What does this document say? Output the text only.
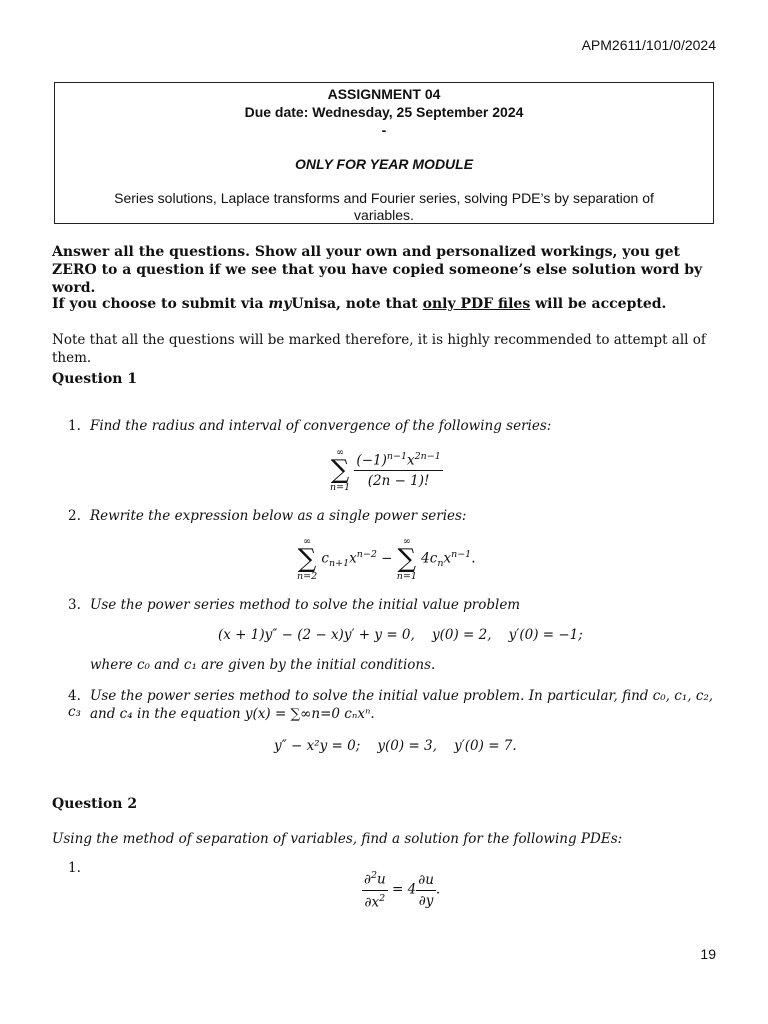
APM2611/101/0/2024
ASSIGNMENT 04
Due date: Wednesday, 25 September 2024
-
ONLY FOR YEAR MODULE
Series solutions, Laplace transforms and Fourier series, solving PDE’s by separation of variables.
Answer all the questions. Show all your own and personalized workings, you get ZERO to a question if we see that you have copied someone’s else solution word by word.
If you choose to submit via myUnisa, note that only PDF files will be accepted.
Note that all the questions will be marked therefore, it is highly recommended to attempt all of them.
Question 1
1. Find the radius and interval of convergence of the following series:
∞
∑
n=1
$\frac{(-1)^{n-1}x^{2n-1}}{(2n - 1)!}$
2. Rewrite the expression below as a single power series:
∞
∑
n=2
$c_{n+1}x^{n-2}$ −
∞
∑
n=1
$4c_nx^{n-1}$.
3. Use the power series method to solve the initial value problem
(x + 1)y″ − (2 − x)y′ + y = 0,    y(0) = 2,    y′(0) = −1;
where c₀ and c₁ are given by the initial conditions.
4. Use the power series method to solve the initial value problem. In particular, find c₀, c₁, c₂, c₃ and c₄ in the equation y(x) = ∑∞n=0 cₙxⁿ.
y″ − x²y = 0;    y(0) = 3,    y′(0) = 7.
Question 2
Using the method of separation of variables, find a solution for the following PDEs:
1.
$\frac{\partial^2u}{\partial x^2} = 4 \frac{\partial u}{\partial y}$ .
19
